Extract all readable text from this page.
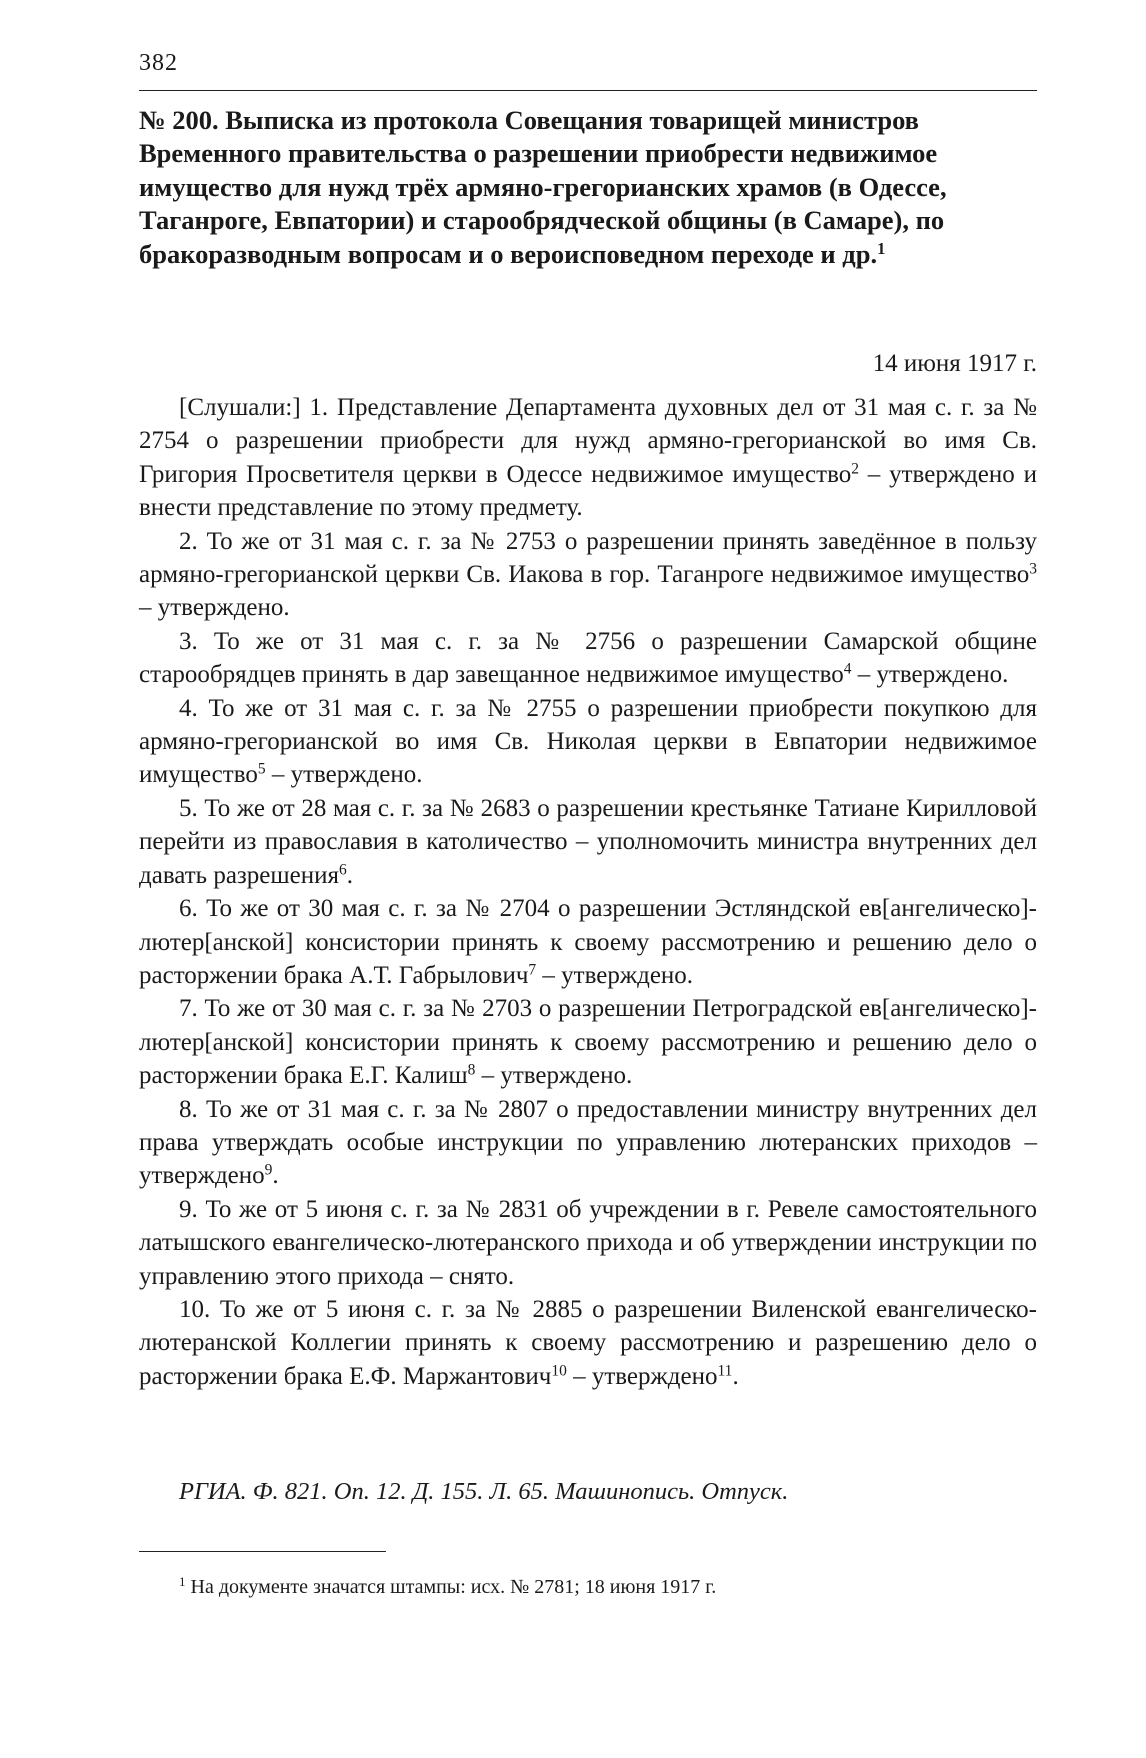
382
№ 200. Выписка из протокола Совещания товарищей министров Временного правительства о разрешении приобрести недвижимое имущество для нужд трёх армяно-грегорианских храмов (в Одессе, Таганроге, Евпатории) и старообрядческой общины (в Самаре), по бракоразводным вопросам и о вероисповедном переходе и др.$^1$
14 июня 1917 г.

[Слушали:] 1. Представление Департамента духовных дел от 31 мая с. г. за № 2754 о разрешении приобрести для нужд армяно-грегорианской во имя Св. Григория Просветителя церкви в Одессе недвижимое имущество$^2$ – утверждено и внести представление по этому предмету.

2. То же от 31 мая с. г. за № 2753 о разрешении принять заведённое в пользу армяно-грегорианской церкви Св. Иакова в гор. Таганроге недвижимое имущество$^3$ – утверждено.

3. То же от 31 мая с. г. за № 2756 о разрешении Самарской общине старообрядцев принять в дар завещанное недвижимое имущество$^4$ – утверждено.

4. То же от 31 мая с. г. за № 2755 о разрешении приобрести покупкою для армяно-грегорианской во имя Св. Николая церкви в Евпатории недвижимое имущество$^5$ – утверждено.

5. То же от 28 мая с. г. за № 2683 о разрешении крестьянке Татиане Кирилловой перейти из православия в католичество – уполномочить министра внутренних дел давать разрешения$^6$.

6. То же от 30 мая с. г. за № 2704 о разрешении Эстляндской ев[ангелическо]-лютер[анской] консистории принять к своему рассмотрению и решению дело о расторжении брака А.Т. Габрылович$^7$ – утверждено.

7. То же от 30 мая с. г. за № 2703 о разрешении Петроградской ев[ангелическо]-лютер[анской] консистории принять к своему рассмотрению и решению дело о расторжении брака Е.Г. Калиш$^8$ – утверждено.

8. То же от 31 мая с. г. за № 2807 о предоставлении министру внутренних дел права утверждать особые инструкции по управлению лютеранских приходов – утверждено$^9$.

9. То же от 5 июня с. г. за № 2831 об учреждении в г. Ревеле самостоятельного латышского евангелическо-лютеранского прихода и об утверждении инструкции по управлению этого прихода – снято.

10. То же от 5 июня с. г. за № 2885 о разрешении Виленской евангелическо-лютеранской Коллегии принять к своему рассмотрению и разрешению дело о расторжении брака Е.Ф. Маржантович$^{10}$ – утверждено$^{11}$.

РГИА. Ф. 821. Оп. 12. Д. 155. Л. 65. Машинопись. Отпуск.
$^1$ На документе значатся штампы: исх. № 2781; 18 июня 1917 г.
